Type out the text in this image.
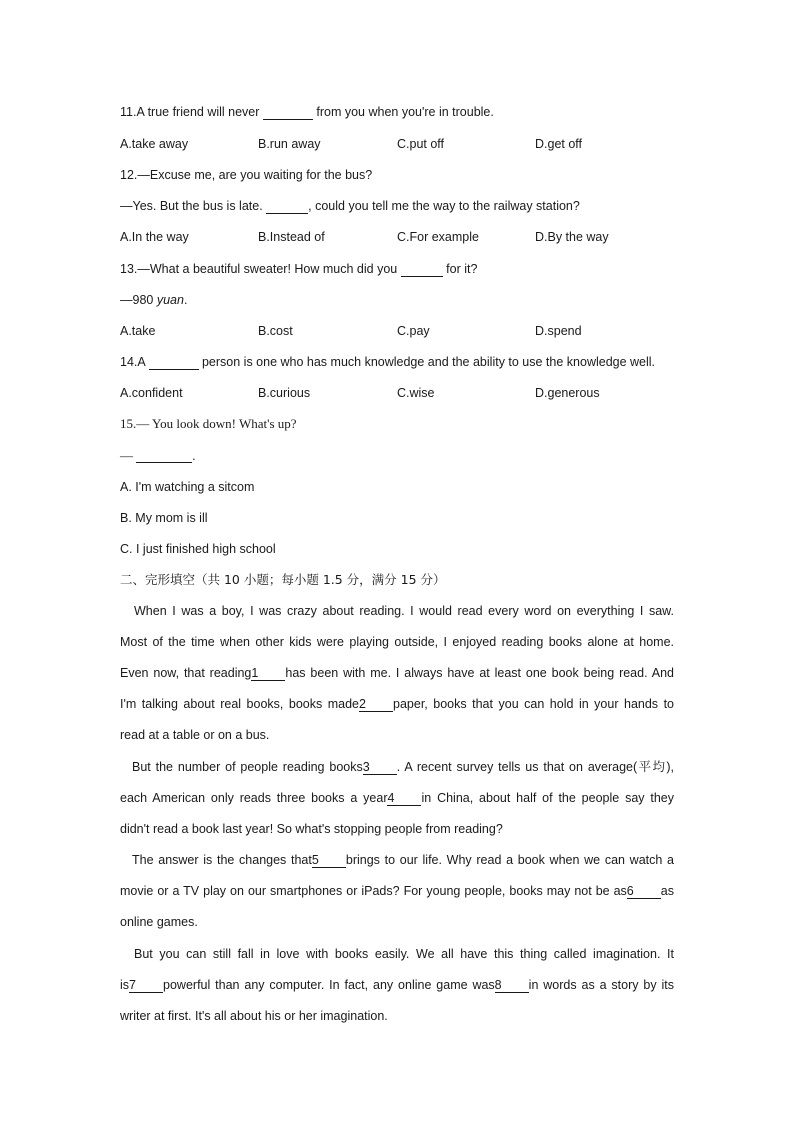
11.A true friend will never	from you when you're in trouble.
A.take away	B.run away	C.put off	D.get off
12.—Excuse me, are you waiting for the bus?
—Yes. But the bus is late.	, could you tell me the way to the railway station?
A.In the way	B.Instead of	C.For example	D.By the way
13.—What a beautiful sweater! How much did you	for it?
—980 yuan.
A.take	B.cost	C.pay	D.spend
14.A	person is one who has much knowledge and the ability to use the knowledge well.
A.confident	B.curious	C.wise	D.generous
15.— You look down! What's up?
—	.
A. I'm watching a sitcom
B. My mom is ill
C. I just finished high school
二、完形填空（共 10 小题；每小题 1.5 分，满分 15 分）
When I was a boy, I was crazy about reading. I would read every word on everything I saw.
Most of the time when other kids were playing outside, I enjoyed reading books alone at home.
Even now, that reading1 has been with me. I always have at least one book being read. And
I'm talking about real books, books made2 paper, books that you can hold in your hands to
read at a table or on a bus.
But the number of people reading books3 . A recent survey tells us that on average(平均),
each American only reads three books a year4 in China, about half of the people say they
didn't read a book last year! So what's stopping people from reading?
The answer is the changes that5 brings to our life. Why read a book when we can watch a
movie or a TV play on our smartphones or iPads? For young people, books may not be as6 as
online games.
But you can still fall in love with books easily. We all have this thing called imagination. It
is7 powerful than any computer. In fact, any online game was8 in words as a story by its
writer at first. It's all about his or her imagination.
